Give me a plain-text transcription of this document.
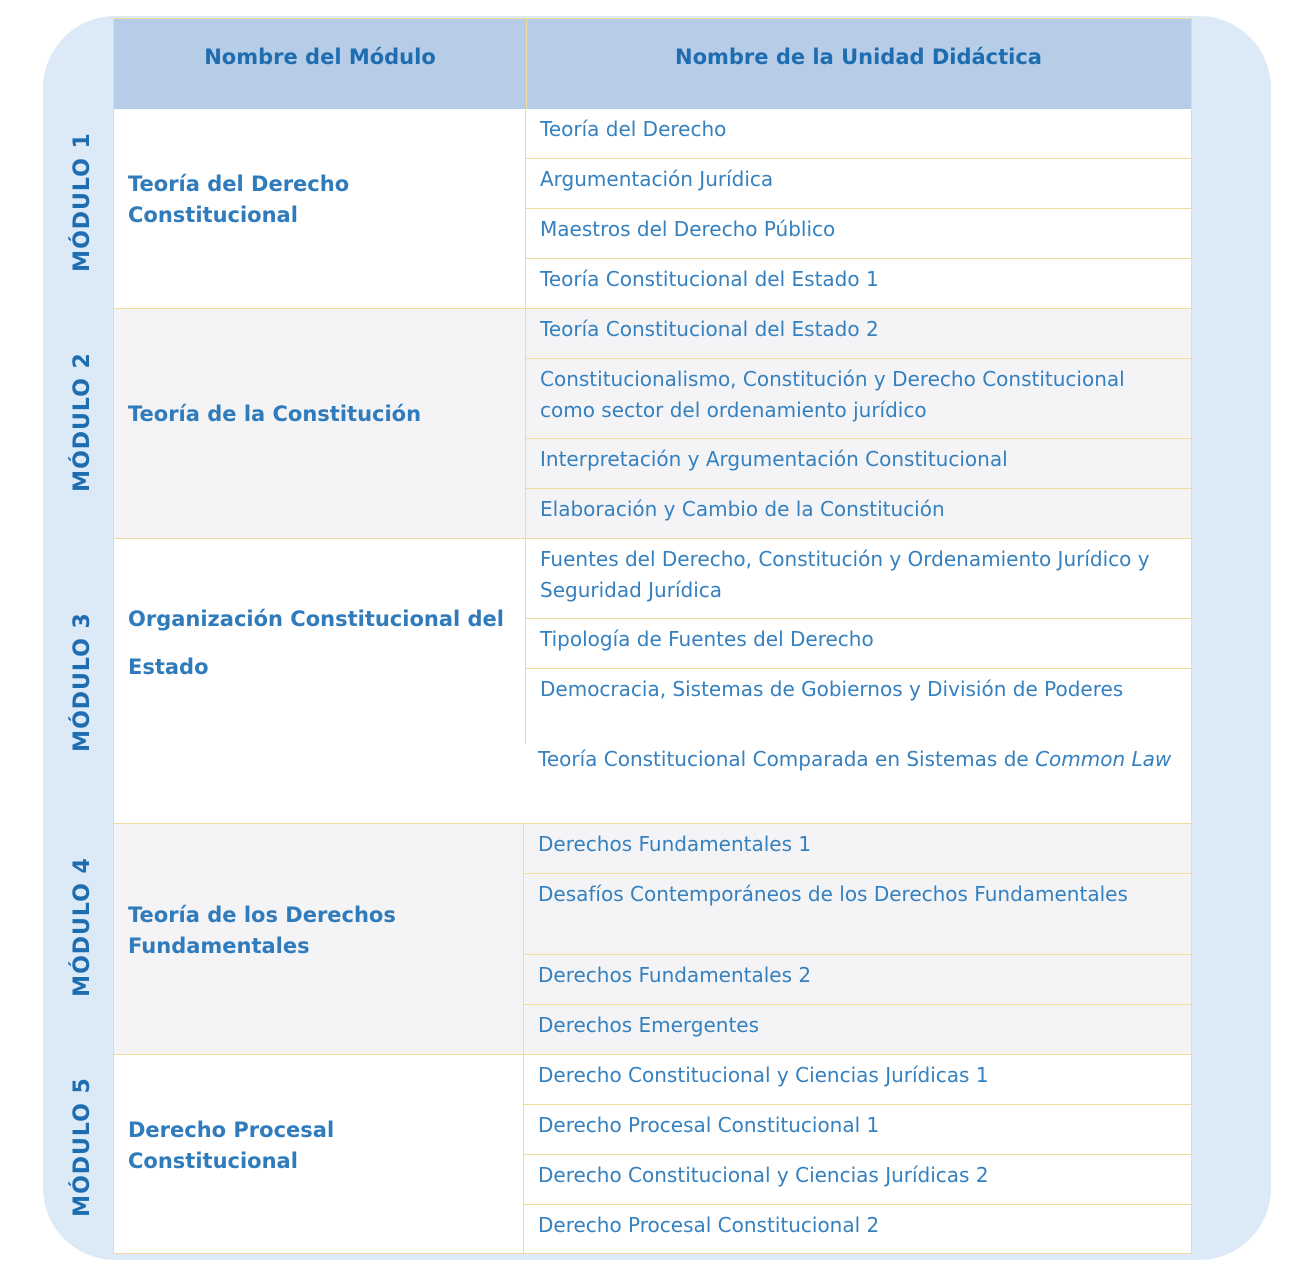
MÓDULO 1
MÓDULO 2
MÓDULO 3
MÓDULO 4
MÓDULO 5
Nombre del Módulo	Nombre de la Unidad Didáctica
Teoría del Derecho Constitucional
Teoría del Derecho
Argumentación Jurídica
Maestros del Derecho Público
Teoría Constitucional del Estado 1
Teoría de la Constitución
Teoría Constitucional del Estado 2
Constitucionalismo, Constitución y Derecho Constitucional como sector del ordenamiento jurídico
Interpretación y Argumentación Constitucional
Elaboración y Cambio de la Constitución
Organización Constitucional del Estado
Fuentes del Derecho, Constitución y Ordenamiento Jurídico y Seguridad Jurídica
Tipología de Fuentes del Derecho
Democracia, Sistemas de Gobiernos y División de Poderes
Teoría Constitucional Comparada en Sistemas de Common Law
Teoría de los Derechos Fundamentales
Derechos Fundamentales 1
Desafíos Contemporáneos de los Derechos Fundamentales
Derechos Fundamentales 2
Derechos Emergentes
Derecho Procesal Constitucional
Derecho Constitucional y Ciencias Jurídicas 1
Derecho Procesal Constitucional 1
Derecho Constitucional y Ciencias Jurídicas 2
Derecho Procesal Constitucional 2
